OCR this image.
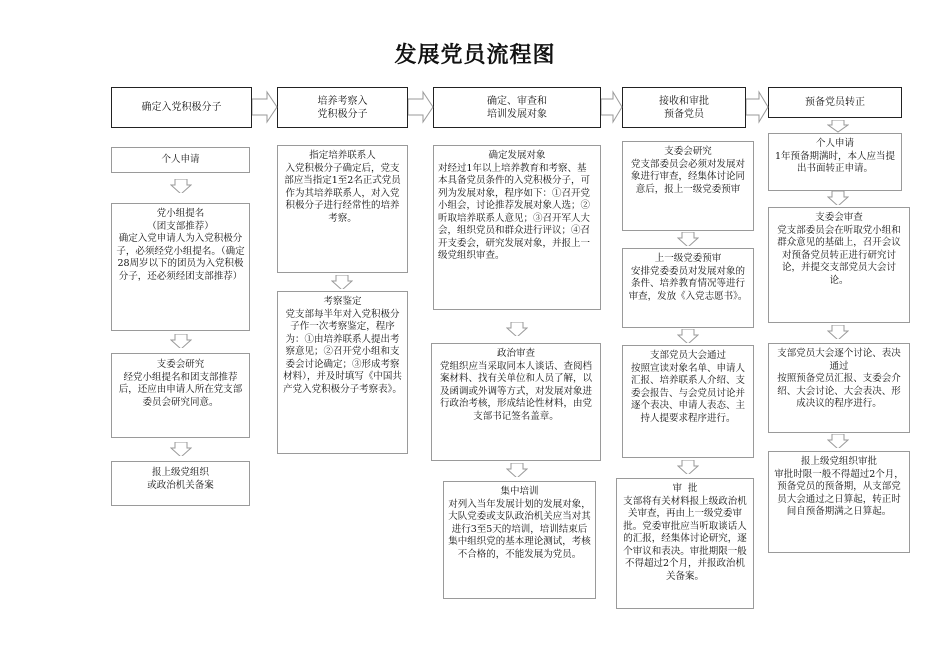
发展党员流程图
确定入党积极分子
培养考察入
党积极分子
确定、审查和
培训发展对象
接收和审批
预备党员
预备党员转正
个人申请
党小组提名
（团支部推荐）
确定入党申请人为入党积极分子，必须经党小组提名。（确定28周岁以下的团员为入党积极分子，还必须经团支部推荐）
支委会研究
经党小组提名和团支部推荐后，还应由申请人所在党支部委员会研究同意。
报上级党组织
或政治机关备案
指定培养联系人
入党积极分子确定后，党支部应当指定1至2名正式党员作为其培养联系人，对入党积极分子进行经常性的培养考察。
考察鉴定
党支部每半年对入党积极分子作一次考察鉴定，程序为：①由培养联系人提出考察意见；②召开党小组和支委会讨论确定；③形成考察材料），并及时填写《中国共产党入党积极分子考察表》。
确定发展对象
对经过1年以上培养教育和考察、基本具备党员条件的入党积极分子，可列为发展对象，程序如下：①召开党小组会，讨论推荐发展对象人选；②听取培养联系人意见；③召开军人大会，组织党员和群众进行评议；④召开支委会，研究发展对象，并报上一级党组织审查。
政治审查
党组织应当采取同本人谈话、查阅档案材料、找有关单位和人员了解，以及函调或外调等方式，对发展对象进行政治考核，形成结论性材料，由党支部书记签名盖章。
集中培训
对列入当年发展计划的发展对象，大队党委或支队政治机关应当对其进行3至5天的培训，培训结束后集中组织党的基本理论测试，考核不合格的，不能发展为党员。
支委会研究
党支部委员会必须对发展对象进行审查，经集体讨论同意后，报上一级党委预审
上一级党委预审
安排党委委员对发展对象的条件、培养教育情况等进行审查，发放《入党志愿书》。
支部党员大会通过
按照宣读对象名单、申请人汇报、培养联系人介绍、支委会报告、与会党员讨论并逐个表决、申请人表态、主持人提要求程序进行。
审  批
支部将有关材料报上级政治机关审查，再由上一级党委审批。党委审批应当听取谈话人的汇报，经集体讨论研究，逐个审议和表决。审批期限一般不得超过2个月，并报政治机关备案。
个人申请
1年预备期满时，本人应当提出书面转正申请。
支委会审查
党支部委员会在听取党小组和群众意见的基础上，召开会议对预备党员转正进行研究讨论，并提交支部党员大会讨论。
支部党员大会逐个讨论、表决通过
按照预备党员汇报、支委会介绍、大会讨论、大会表决、形成决议的程序进行。
报上级党组织审批
审批时限一般不得超过2个月，预备党员的预备期，从支部党员大会通过之日算起，转正时间自预备期满之日算起。
